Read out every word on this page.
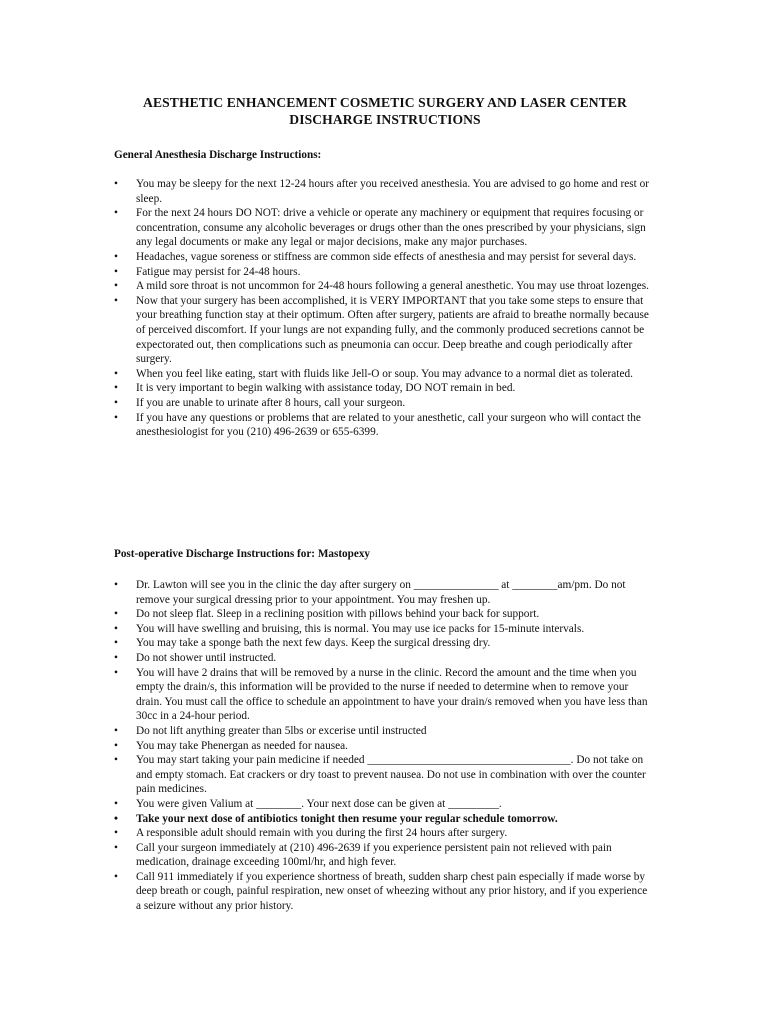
AESTHETIC ENHANCEMENT COSMETIC SURGERY AND LASER CENTER
DISCHARGE INSTRUCTIONS
General Anesthesia Discharge Instructions:
• You may be sleepy for the next 12-24 hours after you received anesthesia. You are advised to go home and rest or sleep.
• For the next 24 hours DO NOT: drive a vehicle or operate any machinery or equipment that requires focusing or concentration, consume any alcoholic beverages or drugs other than the ones prescribed by your physicians, sign any legal documents or make any legal or major decisions, make any major purchases.
• Headaches, vague soreness or stiffness are common side effects of anesthesia and may persist for several days.
• Fatigue may persist for 24-48 hours.
• A mild sore throat is not uncommon for 24-48 hours following a general anesthetic. You may use throat lozenges.
• Now that your surgery has been accomplished, it is VERY IMPORTANT that you take some steps to ensure that your breathing function stay at their optimum. Often after surgery, patients are afraid to breathe normally because of perceived discomfort. If your lungs are not expanding fully, and the commonly produced secretions cannot be expectorated out, then complications such as pneumonia can occur. Deep breathe and cough periodically after surgery.
• When you feel like eating, start with fluids like Jell-O or soup. You may advance to a normal diet as tolerated.
• It is very important to begin walking with assistance today, DO NOT remain in bed.
• If you are unable to urinate after 8 hours, call your surgeon.
• If you have any questions or problems that are related to your anesthetic, call your surgeon who will contact the anesthesiologist for you (210) 496-2639 or 655-6399.
Post-operative Discharge Instructions for: Mastopexy
• Dr. Lawton will see you in the clinic the day after surgery on _______________ at ________am/pm. Do not remove your surgical dressing prior to your appointment. You may freshen up.
• Do not sleep flat. Sleep in a reclining position with pillows behind your back for support.
• You will have swelling and bruising, this is normal. You may use ice packs for 15-minute intervals.
• You may take a sponge bath the next few days. Keep the surgical dressing dry.
• Do not shower until instructed.
• You will have 2 drains that will be removed by a nurse in the clinic. Record the amount and the time when you empty the drain/s, this information will be provided to the nurse if needed to determine when to remove your drain. You must call the office to schedule an appointment to have your drain/s removed when you have less than 30cc in a 24-hour period.
• Do not lift anything greater than 5lbs or excerise until instructed
• You may take Phenergan as needed for nausea.
• You may start taking your pain medicine if needed ____________________________________. Do not take on and empty stomach. Eat crackers or dry toast to prevent nausea. Do not use in combination with over the counter pain medicines.
• You were given Valium at ________. Your next dose can be given at _________.
• Take your next dose of antibiotics tonight then resume your regular schedule tomorrow.
• A responsible adult should remain with you during the first 24 hours after surgery.
• Call your surgeon immediately at (210) 496-2639 if you experience persistent pain not relieved with pain medication, drainage exceeding 100ml/hr, and high fever.
• Call 911 immediately if you experience shortness of breath, sudden sharp chest pain especially if made worse by deep breath or cough, painful respiration, new onset of wheezing without any prior history, and if you experience a seizure without any prior history.
